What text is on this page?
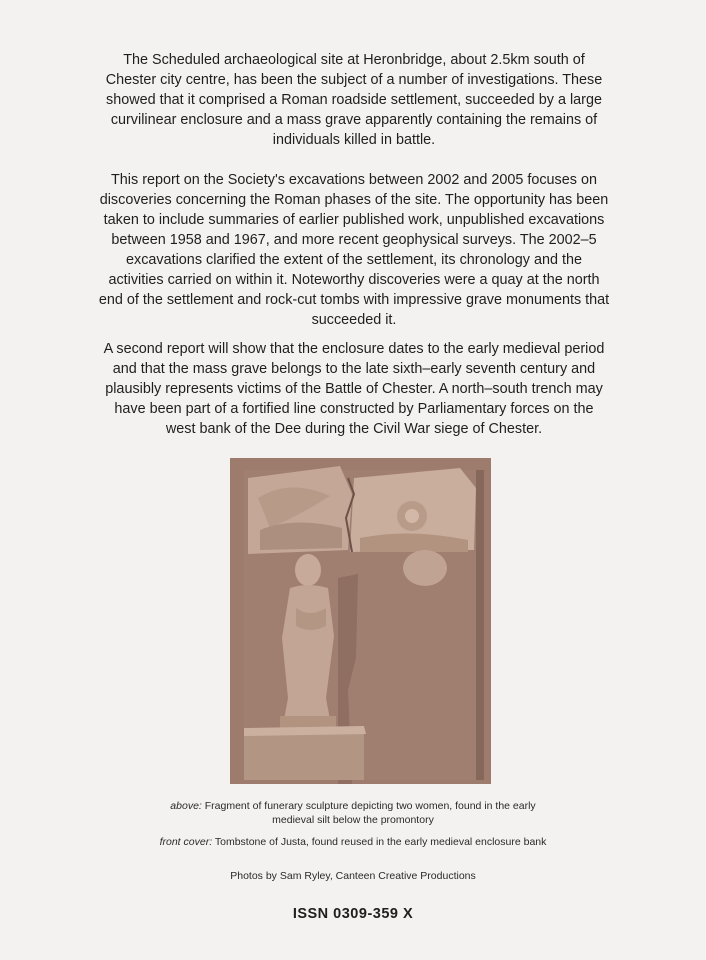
The Scheduled archaeological site at Heronbridge, about 2.5km south of Chester city centre, has been the subject of a number of investigations. These showed that it comprised a Roman roadside settlement, succeeded by a large curvilinear enclosure and a mass grave apparently containing the remains of individuals killed in battle.

This report on the Society's excavations between 2002 and 2005 focuses on discoveries concerning the Roman phases of the site. The opportunity has been taken to include summaries of earlier published work, unpublished excavations between 1958 and 1967, and more recent geophysical surveys. The 2002–5 excavations clarified the extent of the settlement, its chronology and the activities carried on within it. Noteworthy discoveries were a quay at the north end of the settlement and rock-cut tombs with impressive grave monuments that succeeded it.

A second report will show that the enclosure dates to the early medieval period and that the mass grave belongs to the late sixth–early seventh century and plausibly represents victims of the Battle of Chester. A north–south trench may have been part of a fortified line constructed by Parliamentary forces on the west bank of the Dee during the Civil War siege of Chester.

above: Fragment of funerary sculpture depicting two women, found in the early medieval silt below the promontory

front cover: Tombstone of Justa, found reused in the early medieval enclosure bank

Photos by Sam Ryley, Canteen Creative Productions

ISSN 0309-359 X
